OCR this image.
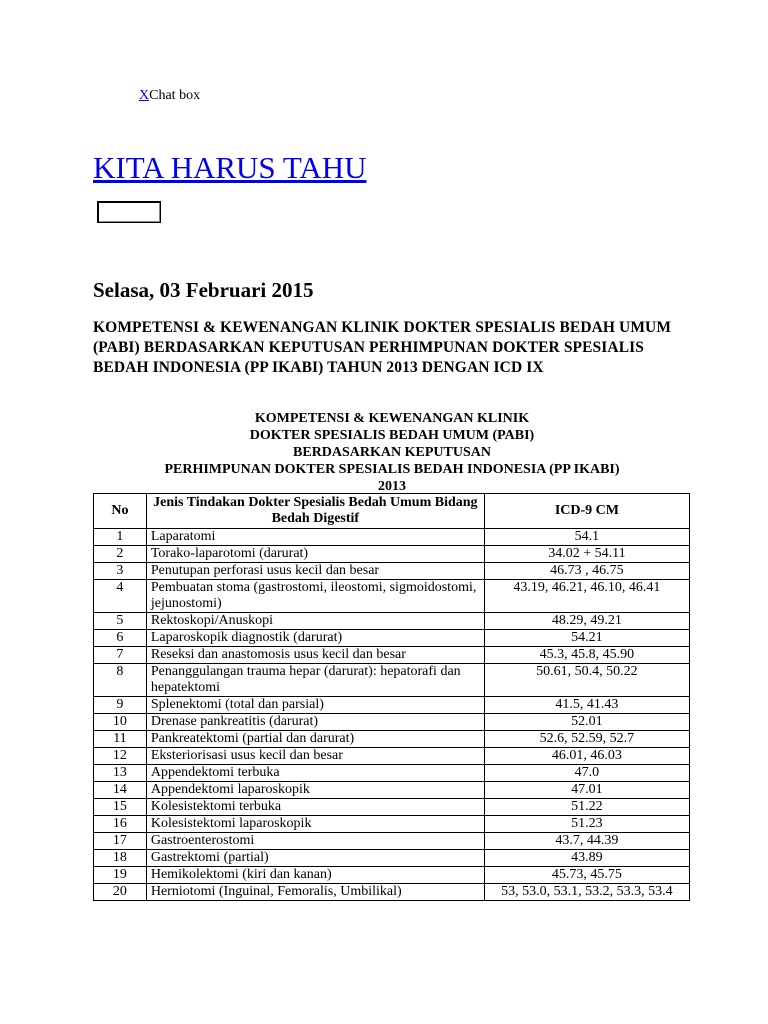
XChat box
KITA HARUS TAHU
Selasa, 03 Februari 2015
KOMPETENSI & KEWENANGAN KLINIK DOKTER SPESIALIS BEDAH UMUM (PABI) BERDASARKAN KEPUTUSAN PERHIMPUNAN DOKTER SPESIALIS BEDAH INDONESIA (PP IKABI) TAHUN 2013 DENGAN ICD IX
KOMPETENSI & KEWENANGAN KLINIK
DOKTER SPESIALIS BEDAH UMUM (PABI)
BERDASARKAN KEPUTUSAN
PERHIMPUNAN DOKTER SPESIALIS BEDAH INDONESIA (PP IKABI)
2013
No	Jenis Tindakan Dokter Spesialis Bedah Umum Bidang Bedah Digestif	ICD-9 CM
1	Laparatomi	54.1
2	Torako-laparotomi (darurat)	34.02 + 54.11
3	Penutupan perforasi usus kecil dan besar	46.73 , 46.75
4	Pembuatan stoma (gastrostomi, ileostomi, sigmoidostomi, jejunostomi)	43.19, 46.21, 46.10, 46.41
5	Rektoskopi/Anuskopi	48.29, 49.21
6	Laparoskopik diagnostik (darurat)	54.21
7	Reseksi dan anastomosis usus kecil dan besar	45.3, 45.8, 45.90
8	Penanggulangan trauma hepar (darurat): hepatorafi dan hepatektomi	50.61, 50.4, 50.22
9	Splenektomi (total dan parsial)	41.5, 41.43
10	Drenase pankreatitis (darurat)	52.01
11	Pankreatektomi (partial dan darurat)	52.6, 52.59, 52.7
12	Eksteriorisasi usus kecil dan besar	46.01, 46.03
13	Appendektomi terbuka	47.0
14	Appendektomi laparoskopik	47.01
15	Kolesistektomi terbuka	51.22
16	Kolesistektomi laparoskopik	51.23
17	Gastroenterostomi	43.7, 44.39
18	Gastrektomi (partial)	43.89
19	Hemikolektomi (kiri dan kanan)	45.73, 45.75
20	Herniotomi (Inguinal, Femoralis, Umbilikal)	53, 53.0, 53.1, 53.2, 53.3, 53.4
